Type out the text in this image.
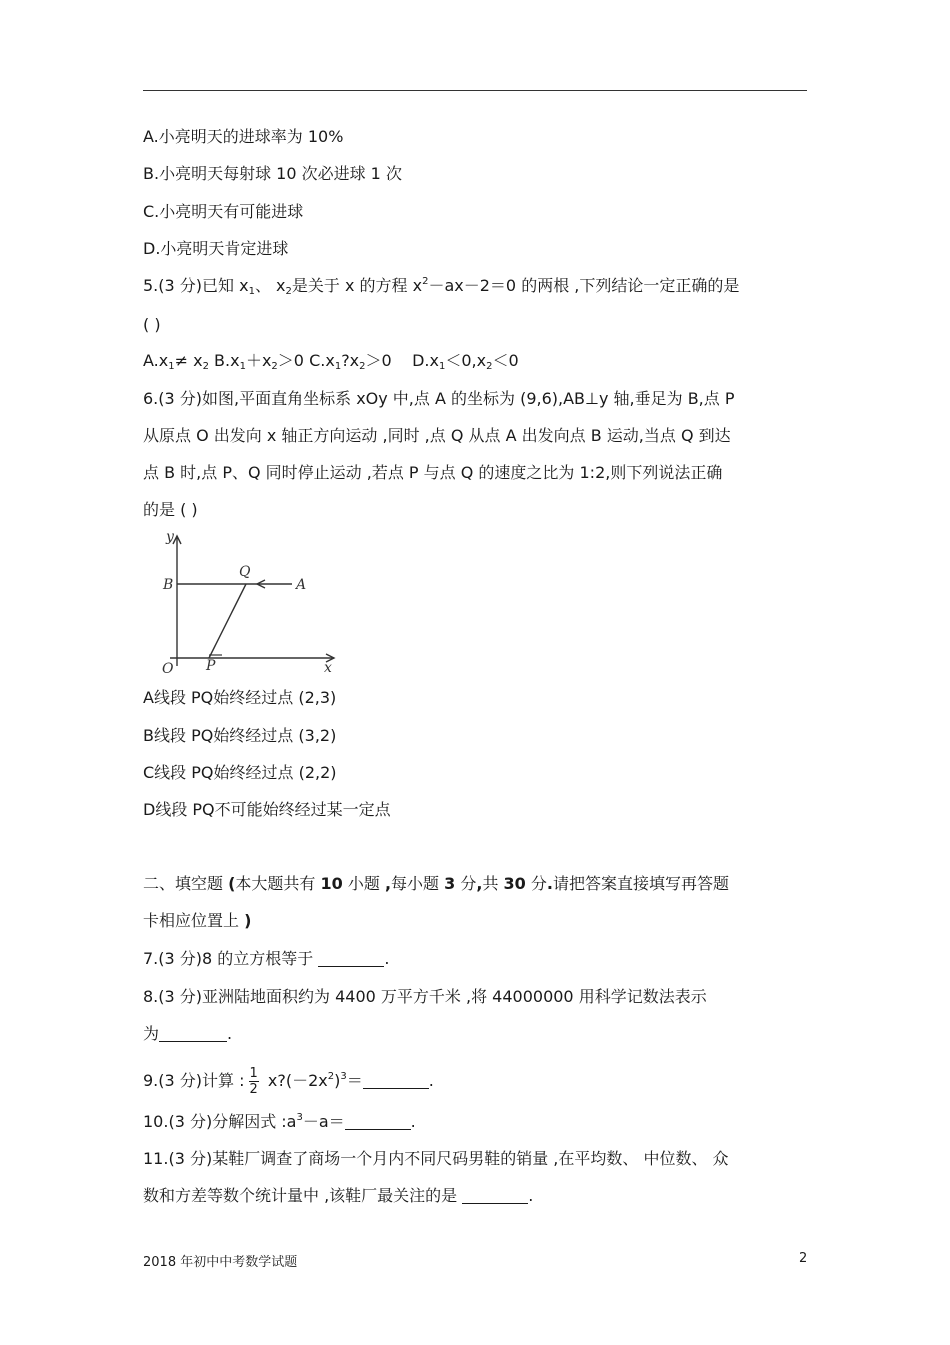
A.小亮明天的进球率为 10%
B.小亮明天每射球 10 次必进球 1 次
C.小亮明天有可能进球
D.小亮明天肯定进球
5.(3 分)已知 $x_1$、 $x_2$是关于 x 的方程 $x^2-ax-2=0$ 的两根 ,下列结论一定正确的是
( )
$A.x_1\ne x_2$ $B.x_1+x_2>0$ $C.x_1?x_2>0$ $D.x_1<0,x_2<0$
6.(3 分)如图,平面直角坐标系 xOy 中,点 A 的坐标为 (9,6),AB⊥y 轴,垂足为 B,点 P
从原点 O 出发向 x 轴正方向运动 ,同时 ,点 Q 从点 A 出发向点 B 运动,当点 Q 到达
点 B 时,点 P、Q 同时停止运动 ,若点 P 与点 Q 的速度之比为 1:2,则下列说法正确
的是 ( )
y
B
Q
A
O P	x
A线段 PQ始终经过点 (2,3)
B线段 PQ始终经过点 (3,2)
C线段 PQ始终经过点 (2,2)
D线段 PQ不可能始终经过某一定点
二、填空题 (本大题共有 10 小题 ,每小题 3 分,共 30 分.请把答案直接填写再答题
卡相应位置上 )
7.(3 分)8 的立方根等于	.
8.(3 分)亚洲陆地面积约为 4400 万平方千米 ,将 44000000 用科学记数法表示
为	.
9.(3 分)计算 : $\frac{1}{2}$ $x?(-2x^2)^3=$	.
10.(3 分)分解因式 $:a^3-a=$	.
11.(3 分)某鞋厂调查了商场一个月内不同尺码男鞋的销量 ,在平均数、 中位数、 众
数和方差等数个统计量中 ,该鞋厂最关注的是	.
2018 年初中中考数学试题	2
